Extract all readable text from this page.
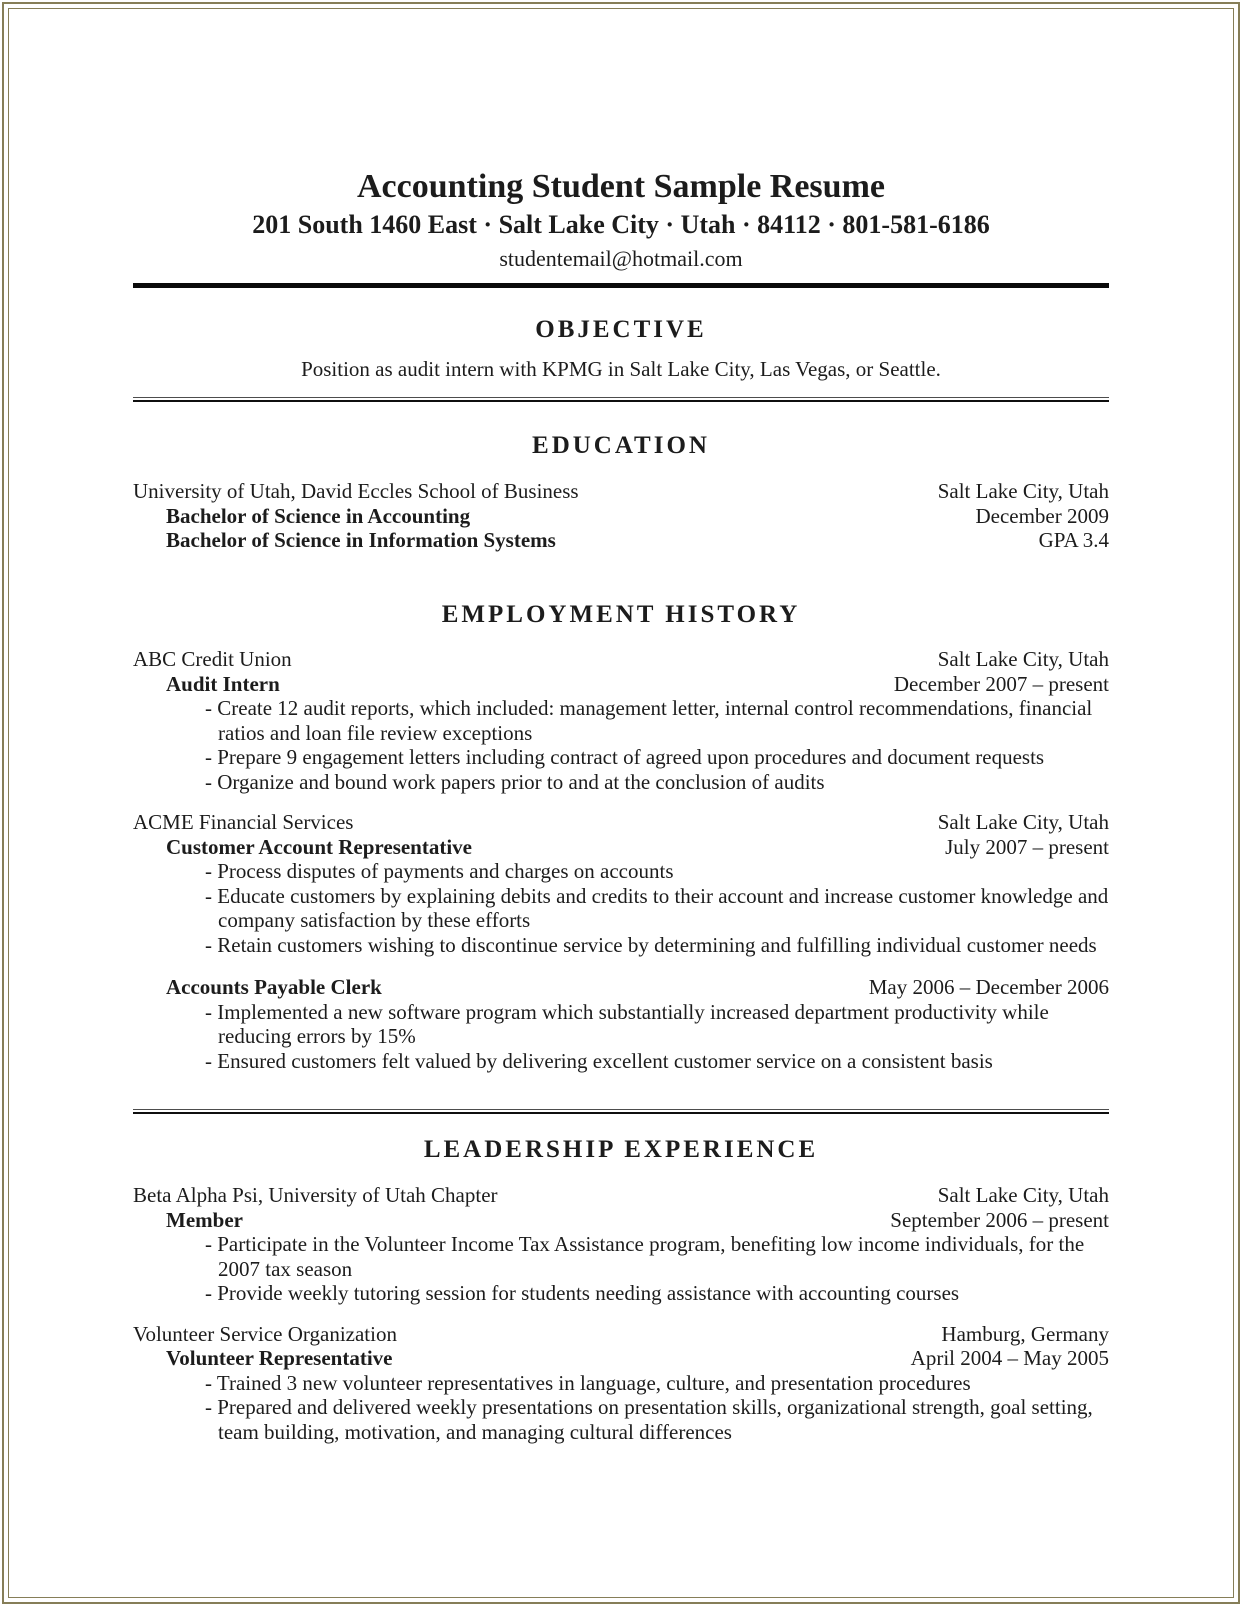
Accounting Student Sample Resume
201 South 1460 East · Salt Lake City · Utah · 84112 · 801-581-6186
studentemail@hotmail.com
OBJECTIVE
Position as audit intern with KPMG in Salt Lake City, Las Vegas, or Seattle.
EDUCATION
University of Utah, David Eccles School of Business	Salt Lake City, Utah
Bachelor of Science in Accounting	December 2009
Bachelor of Science in Information Systems	GPA 3.4
EMPLOYMENT HISTORY
ABC Credit Union	Salt Lake City, Utah
Audit Intern	December 2007 – present
- Create 12 audit reports, which included: management letter, internal control recommendations, financial ratios and loan file review exceptions
- Prepare 9 engagement letters including contract of agreed upon procedures and document requests
- Organize and bound work papers prior to and at the conclusion of audits
ACME Financial Services	Salt Lake City, Utah
Customer Account Representative	July 2007 – present
- Process disputes of payments and charges on accounts
- Educate customers by explaining debits and credits to their account and increase customer knowledge and company satisfaction by these efforts
- Retain customers wishing to discontinue service by determining and fulfilling individual customer needs
Accounts Payable Clerk	May 2006 – December 2006
- Implemented a new software program which substantially increased department productivity while reducing errors by 15%
- Ensured customers felt valued by delivering excellent customer service on a consistent basis
LEADERSHIP EXPERIENCE
Beta Alpha Psi, University of Utah Chapter	Salt Lake City, Utah
Member	September 2006 – present
- Participate in the Volunteer Income Tax Assistance program, benefiting low income individuals, for the 2007 tax season
- Provide weekly tutoring session for students needing assistance with accounting courses
Volunteer Service Organization	Hamburg, Germany
Volunteer Representative	April 2004 – May 2005
- Trained 3 new volunteer representatives in language, culture, and presentation procedures
- Prepared and delivered weekly presentations on presentation skills, organizational strength, goal setting, team building, motivation, and managing cultural differences
